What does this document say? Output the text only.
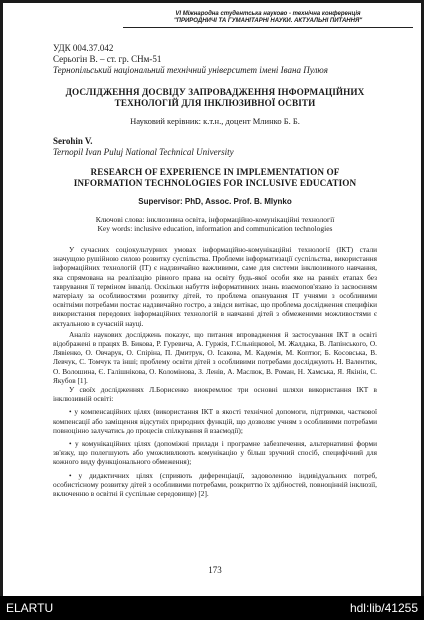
VI Міжнародна студентська науково - технічна конференція
"ПРИРОДНИЧІ ТА ГУМАНІТАРНІ НАУКИ. АКТУАЛЬНІ ПИТАННЯ"
УДК 004.37.042
Серьогін В. – ст. гр. СНм-51
Тернопільський національний технічний університет імені Івана Пулюя
ДОСЛІДЖЕННЯ ДОСВІДУ ЗАПРОВАДЖЕННЯ ІНФОРМАЦІЙНИХ
ТЕХНОЛОГІЙ ДЛЯ ІНКЛЮЗИВНОЇ ОСВІТИ
Науковий керівник: к.т.н., доцент Млинко Б. Б.
Serohin V.
Ternopil Ivan Puluj National Technical University
RESEARCH OF EXPERIENCE IN IMPLEMENTATION OF
INFORMATION TECHNOLOGIES FOR INCLUSIVE EDUCATION
Supervisor: PhD, Assoc. Prof. B. Mlynko
Ключові слова: інклюзивна освіта, інформаційно-комунікаційні технології
Key words: inclusive education, information and communication technologies

У сучасних соціокультурних умовах інформаційно-комунікаційні технології (ІКТ) стали значущою рушійною силою розвитку суспільства. Проблеми інформатизації суспільства, використання інформаційних технологій (ІТ) є надзвичайно важливими, саме для системи інклюзивного навчання, яка спрямована на реалізацію рівного права на освіту будь-якої особи яке на ранніх етапах без таврування її терміном інвалід. Оскільки набуття інформативних знань взаємопов'язано із засвоєнням матеріалу за особливостями розвитку дітей, то проблема опанування ІТ учнями з особливими освітніми потребами постає надзвичайно гостро, а звідси витікає, що проблема дослідження специфіки використання передових інформаційних технологій в навчанні дітей з обмеженими можливостями є актуальною в сучасній науці.

Аналіз наукових досліджень показує, що питання впровадження й застосування ІКТ в освіті відображені в працях В. Бикова, Р. Гуревича, А. Гуржія, Г.Сльніцкової, М. Жалдака, В. Лапінського, О. Лявіенко, О. Овчарук, О. Спіріна, П. Дмитрук, О. Ісакова, М. Кадемія, М. Коптюг, Б. Косовська, В. Левчук, С. Томчук та інші; проблему освіти дітей з особливими потребами досліджують Н. Валентик, О. Волошина, Є. Галішнікова, О. Коломінова, З. Ленів, А. Маслюк, В. Роман, Н. Хамська, Я. Якінін, С. Якубов [1].

У своїх дослідженнях Л.Борисенко виокремлює три основні шляхи використання ІКТ в інклюзивній освіті:

• у компенсаційних цілях (використання ІКТ в якості технічної допомоги, підтримки, часткової компенсації або заміщення відсутніх природних функцій, що дозволяє учням з особливими потребами повноцінно залучатись до процесів спілкування й взаємодії);

• у комунікаційних цілях (допоміжні прилади і програмне забезпечення, альтернативні форми зв'язку, що полегшують або уможливлюють комунікацію у більш зручний спосіб, специфічний для кожного виду функціонального обмеження);

• у дидактичних цілях (сприяють диференціації, задоволенню індивідуальних потреб, особистісному розвитку дітей з особливими потребами, розкриттю їх здібностей, повноцінній інклюзії, включенню в освітні й суспільне середовище) [2].

173
ELARTU	hdl:lib/41255
